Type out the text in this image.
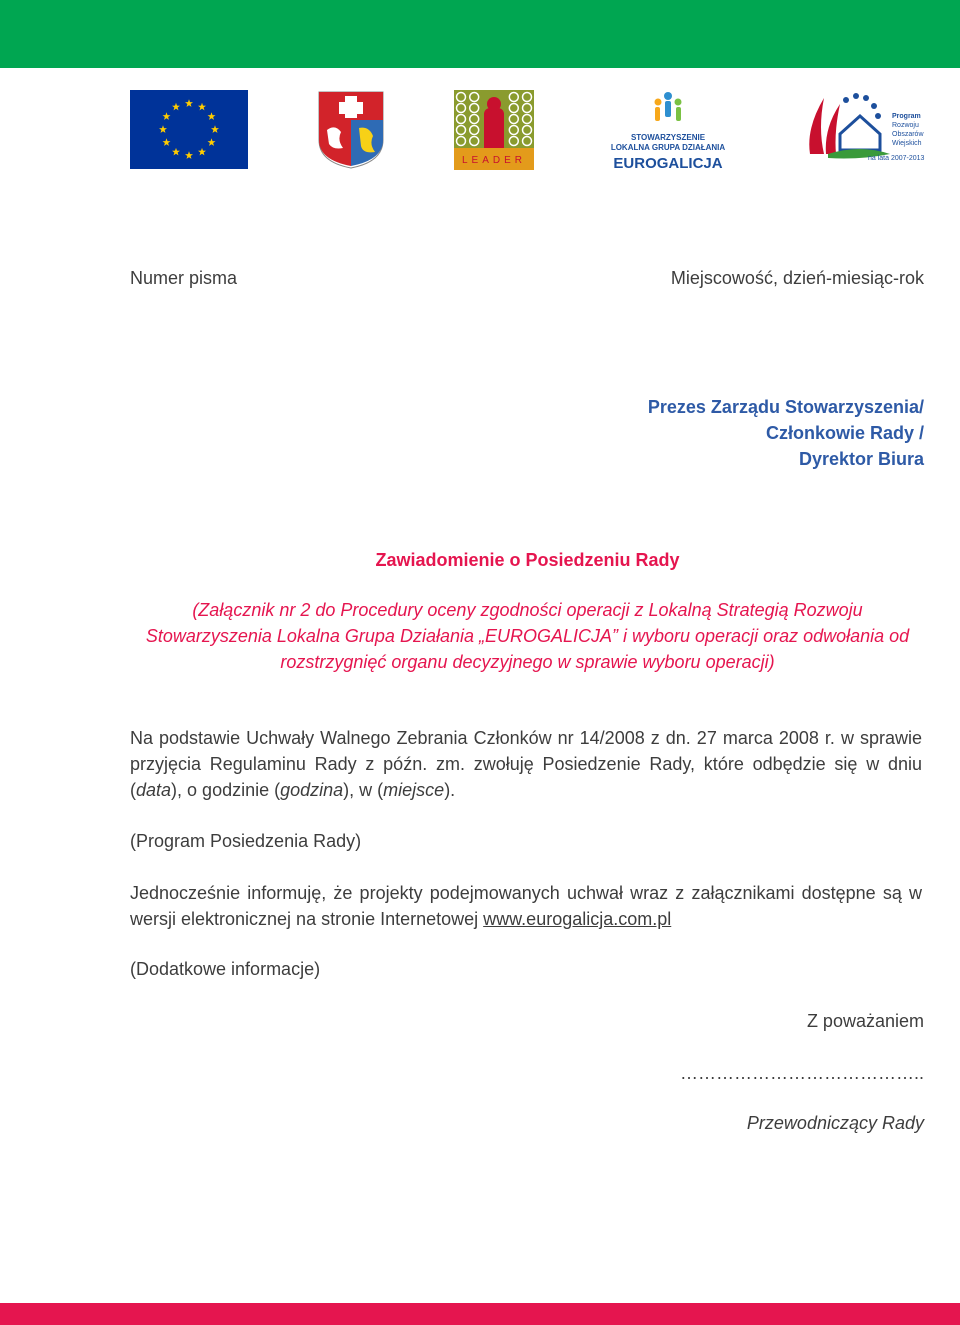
LEADER
STOWARZYSZENIE
LOKALNA GRUPA DZIAŁANIA
EUROGALICJA
Program
Rozwoju
Obszarów
Wiejskich
na lata 2007-2013
Numer pisma	Miejscowość, dzień-miesiąc-rok
Prezes Zarządu Stowarzyszenia/
Członkowie Rady /
Dyrektor Biura
Zawiadomienie o Posiedzeniu Rady
(Załącznik nr 2 do Procedury oceny zgodności operacji z Lokalną Strategią Rozwoju
Stowarzyszenia Lokalna Grupa Działania „EUROGALICJA” i wyboru operacji oraz odwołania od
rozstrzygnięć organu decyzyjnego w sprawie wyboru operacji)
Na podstawie Uchwały Walnego Zebrania Członków nr 14/2008 z dn. 27 marca 2008 r. w sprawie przyjęcia Regulaminu Rady z późn. zm. zwołuję Posiedzenie Rady, które odbędzie się w dniu (data), o godzinie (godzina), w (miejsce).
(Program Posiedzenia Rady)
Jednocześnie informuję, że projekty podejmowanych uchwał wraz z załącznikami dostępne są w wersji elektronicznej na stronie Internetowej www.eurogalicja.com.pl
(Dodatkowe informacje)
Z poważaniem
…………………………………..
Przewodniczący Rady
